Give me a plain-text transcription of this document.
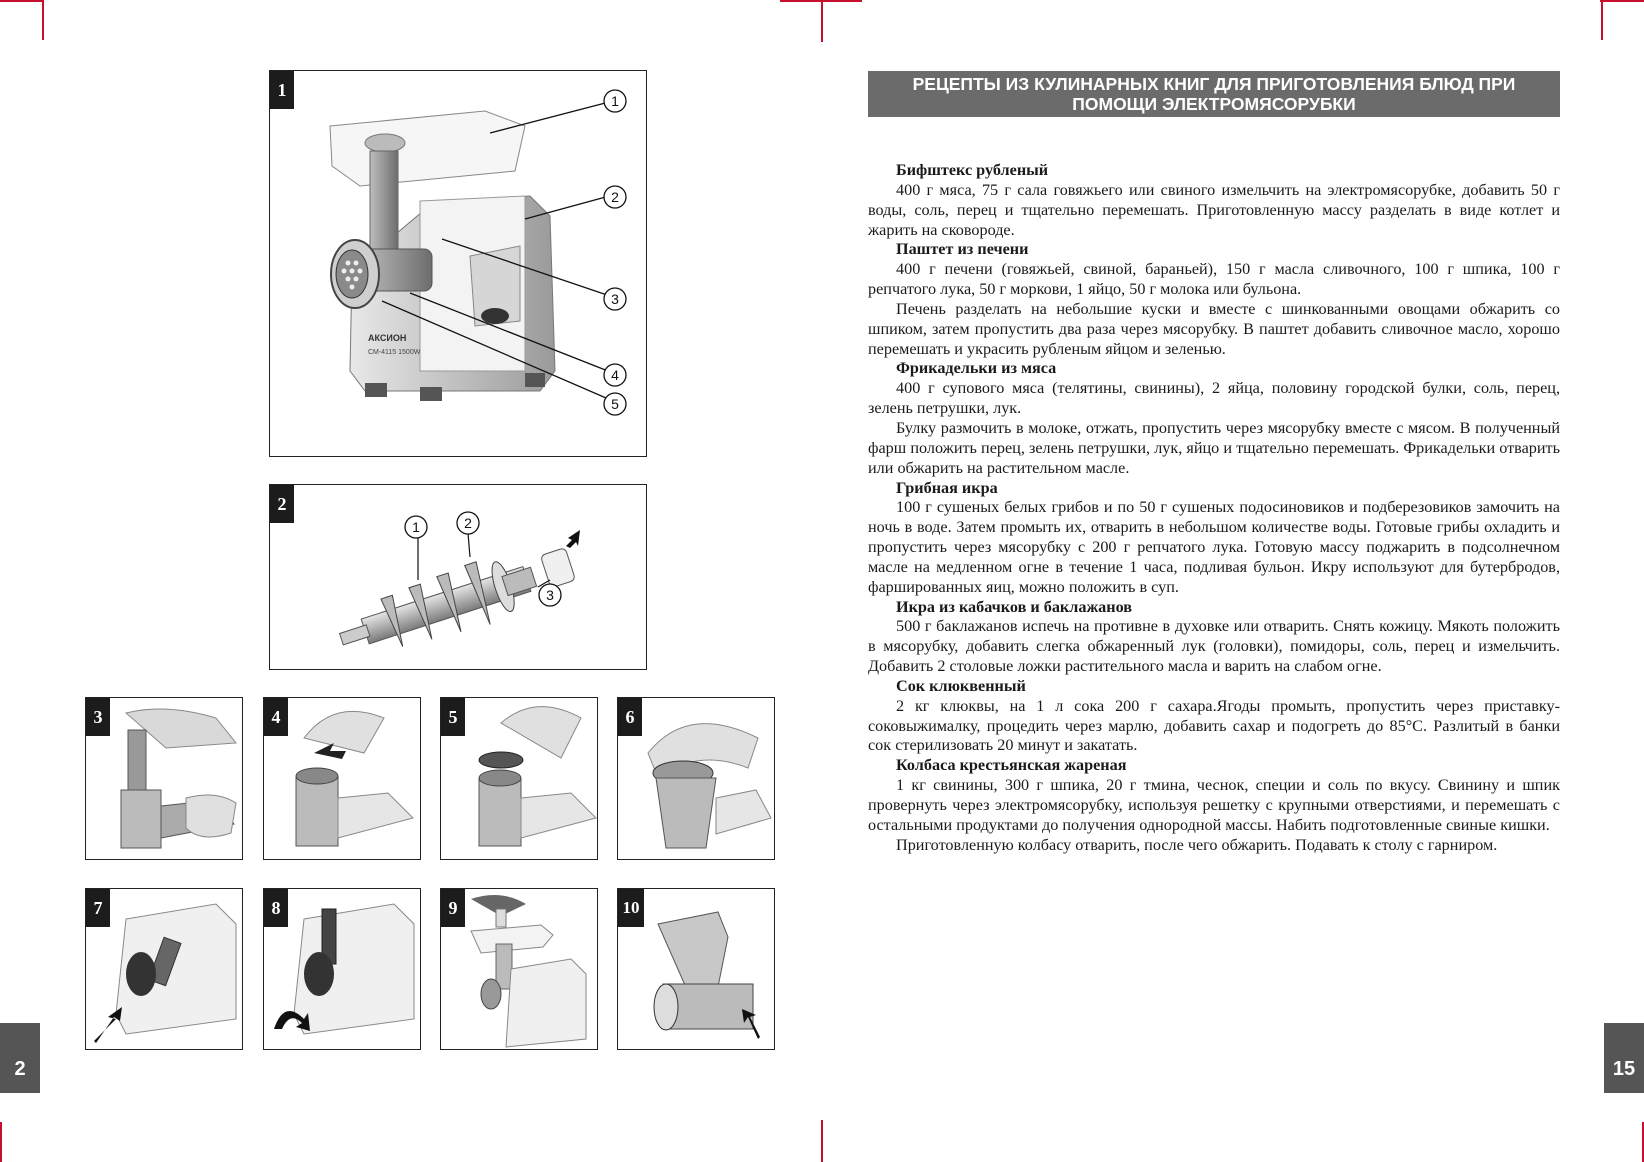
2	15
1
АКСИОН
СМ-4115 1500W
1
2
3
4
5
2
1	2
3
3	4	5	6
7	8	9	10
РЕЦЕПТЫ ИЗ КУЛИНАРНЫХ КНИГ ДЛЯ ПРИГОТОВЛЕНИЯ БЛЮД ПРИ
ПОМОЩИ ЭЛЕКТРОМЯСОРУБКИ

Бифштекс рубленый

400 г мяса, 75 г сала говяжьего или свиного измельчить на электромясорубке, добавить 50 г воды, соль, перец и тщательно перемешать. Приготовленную массу разделать в виде котлет и жарить на сковороде.

Паштет из печени

400 г печени (говяжьей, свиной, бараньей), 150 г масла сливочного, 100 г шпика, 100 г репчатого лука, 50 г моркови, 1 яйцо, 50 г молока или бульона.

Печень разделать на небольшие куски и вместе с шинкованными овощами обжарить со шпиком, затем пропустить два раза через мясорубку. В паштет добавить сливочное масло, хорошо перемешать и украсить рубленым яйцом и зеленью.

Фрикадельки из мяса

400 г супового мяса (телятины, свинины), 2 яйца, половину городской булки, соль, перец, зелень петрушки, лук.

Булку размочить в молоке, отжать, пропустить через мясорубку вместе с мясом. В полученный фарш положить перец, зелень петрушки, лук, яйцо и тщательно перемешать. Фрикадельки отварить или обжарить на растительном масле.

Грибная икра

100 г сушеных белых грибов и по 50 г сушеных подосиновиков и подберезовиков замочить на ночь в воде. Затем промыть их, отварить в небольшом количестве воды. Готовые грибы охладить и пропустить через мясорубку с 200 г репчатого лука. Готовую массу поджарить в подсолнечном масле на медленном огне в течение 1 часа, подливая бульон. Икру используют для бутербродов, фаршированных яиц, можно положить в суп.

Икра из кабачков и баклажанов

500 г баклажанов испечь на противне в духовке или отварить. Снять кожицу. Мякоть положить в мясорубку, добавить слегка обжаренный лук (головки), помидоры, соль, перец и измельчить. Добавить 2 столовые ложки растительного масла и варить на слабом огне.

Сок клюквенный

2 кг клюквы, на 1 л сока 200 г сахара.Ягоды промыть, пропустить через приставку-соковыжималку, процедить через марлю, добавить сахар и подогреть до 85°С. Разлитый в банки сок стерилизовать 20 минут и закатать.

Колбаса крестьянская жареная

1 кг свинины, 300 г шпика, 20 г тмина, чеснок, специи и соль по вкусу. Свинину и шпик провернуть через электромясорубку, используя решетку с крупными отверстиями, и перемешать с остальными продуктами до получения однородной массы. Набить подготовленные свиные кишки.

Приготовленную колбасу отварить, после чего обжарить. Подавать к столу с гарниром.
